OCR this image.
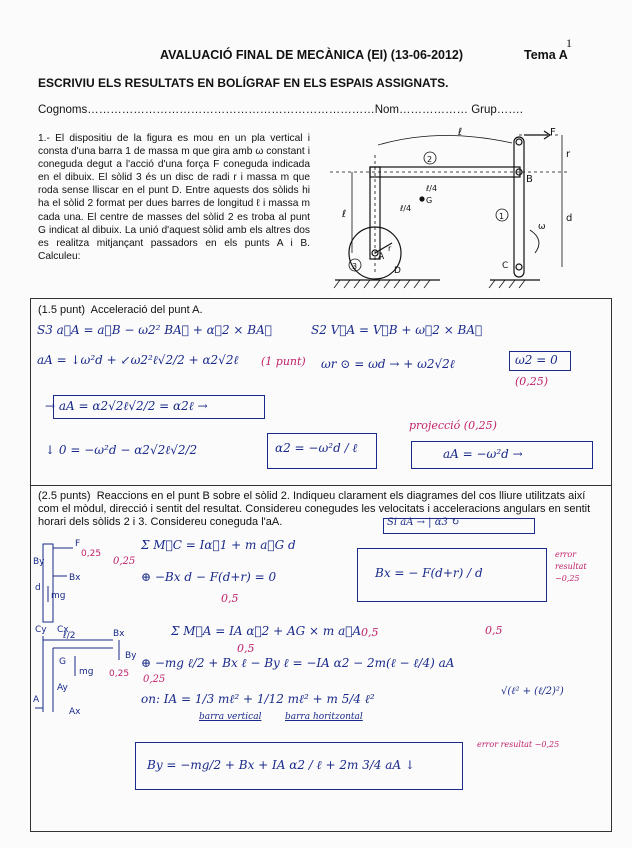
1
AVALUACIÓ FINAL DE MECÀNICA (EI) (13-06-2012)	Tema A
ESCRIVIU ELS RESULTATS EN BOLÍGRAF EN ELS ESPAIS ASSIGNATS.
Cognoms…………………………………………………………………Nom……………… Grup…….
1.- El dispositiu de la figura es mou en un pla vertical i consta d'una barra 1 de massa m que gira amb ω constant i coneguda degut a l'acció d'una força F coneguda indicada en el dibuix. El sòlid 3 és un disc de radi r i massa m que roda sense lliscar en el punt D. Entre aquests dos sòlids hi ha el sòlid 2 format per dues barres de longitud ℓ i massa m cada una. El centre de masses del sòlid 2 es troba al punt G indicat al dibuix. La unió d'aquest sòlid amb els altres dos es realitza mitjançant passadors en els punts A i B. Calculeu:
F
r
ℓ
B
2
ℓ/4
ℓ/4
G
ℓ	d
1
ω
A
r
D
3	C
(1.5 punt) Acceleració del punt A.
S3 a⃗A = a⃗B − ω2² BA⃗ + α⃗2 × BA⃗	S2 V⃗A = V⃗B + ω⃗2 × BA⃗
aA = ↓ω²d + ↙ω2²ℓ√2/2 + α2√2ℓ (1 punt) ωr ⊙ = ωd → + ω2√2ℓ	ω2 = 0
(0,25)
→ aA = α2√2ℓ√2/2 = α2ℓ →
projecció (0,25)
↓ 0 = −ω²d − α2√2ℓ√2/2	α2 = −ω²d / ℓ	aA = −ω²d →
(2.5 punts) Reaccions en el punt B sobre el sòlid 2. Indiqueu clarament els diagrames del cos lliure utilitzats així com el mòdul, direcció i sentit del resultat. Considereu conegudes les velocitats i acceleracions angulars en sentit horari dels sòlids 2 i 3. Considereu coneguda l'aA.	Si aA → | α3 ↻
F
By
Bx
d
mg
Cy Cx
0,25
ℓ/2	Bx
By
G
mg 0,25
Ay
Ax
A
Σ M⃗C = Iα⃗1 + m a⃗G d
0,25
⊕ −Bx d − F(d+r) = 0
0,5
Bx = − F(d+r) / d
error
resultat
−0,25
Σ M⃗A = IA α⃗2 + AG × m a⃗A
0,5
0,5
⊕ −mg ℓ/2 + Bx ℓ − By ℓ = −IA α2 − 2m(ℓ − ℓ/4) aA
0,5
0,25
on: IA = 1/3 mℓ² + 1/12 mℓ² + m 5/4 ℓ²
barra vertical	barra horitzontal
√(ℓ² + (ℓ/2)²)
By = −mg/2 + Bx + IA α2 / ℓ + 2m 3/4 aA ↓
error resultat −0,25
